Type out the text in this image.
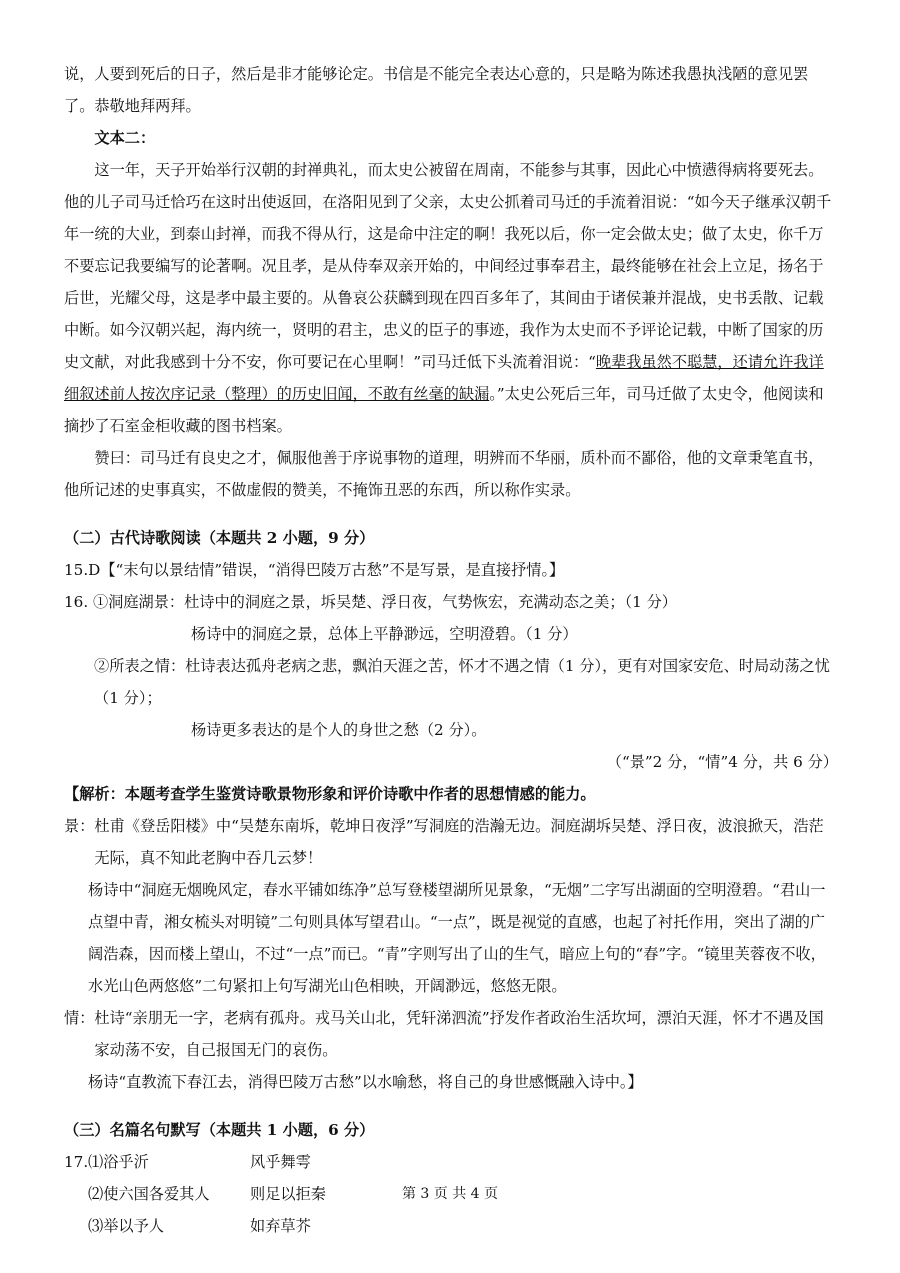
说，人要到死后的日子，然后是非才能够论定。书信是不能完全表达心意的，只是略为陈述我愚执浅陋的意见罢了。恭敬地拜两拜。

文本二：

这一年，天子开始举行汉朝的封禅典礼，而太史公被留在周南，不能参与其事，因此心中愤懑得病将要死去。他的儿子司马迁恰巧在这时出使返回，在洛阳见到了父亲，太史公抓着司马迁的手流着泪说：“如今天子继承汉朝千年一统的大业，到泰山封禅，而我不得从行，这是命中注定的啊！我死以后，你一定会做太史；做了太史，你千万不要忘记我要编写的论著啊。况且孝，是从侍奉双亲开始的，中间经过事奉君主，最终能够在社会上立足，扬名于后世，光耀父母，这是孝中最主要的。从鲁哀公获麟到现在四百多年了，其间由于诸侯兼并混战，史书丢散、记载中断。如今汉朝兴起，海内统一，贤明的君主，忠义的臣子的事迹，我作为太史而不予评论记载，中断了国家的历史文献，对此我感到十分不安，你可要记在心里啊！”司马迁低下头流着泪说：“晚辈我虽然不聪慧，还请允许我详细叙述前人按次序记录（整理）的历史旧闻，不敢有丝毫的缺漏。”太史公死后三年，司马迁做了太史令，他阅读和摘抄了石室金柜收藏的图书档案。

赞曰：司马迁有良史之才，佩服他善于序说事物的道理，明辨而不华丽，质朴而不鄙俗，他的文章秉笔直书，他所记述的史事真实，不做虚假的赞美，不掩饰丑恶的东西，所以称作实录。

（二）古代诗歌阅读（本题共 2 小题，9 分）

15.D【“末句以景结情”错误，“消得巴陵万古愁”不是写景，是直接抒情。】

16. ①洞庭湖景：杜诗中的洞庭之景，坼吴楚、浮日夜，气势恢宏，充满动态之美；（1 分）

杨诗中的洞庭之景，总体上平静渺远，空明澄碧。（1 分）

②所表之情：杜诗表达孤舟老病之悲，飘泊天涯之苦，怀才不遇之情（1 分），更有对国家安危、时局动荡之忧（1 分）；

杨诗更多表达的是个人的身世之愁（2 分）。

（“景”2 分，“情”4 分，共 6 分）

【解析：本题考查学生鉴赏诗歌景物形象和评价诗歌中作者的思想情感的能力。

景：杜甫《登岳阳楼》中“吴楚东南坼，乾坤日夜浮”写洞庭的浩瀚无边。洞庭湖坼吴楚、浮日夜，波浪掀天，浩茫无际，真不知此老胸中吞几云梦！

杨诗中“洞庭无烟晚风定，春水平铺如练净”总写登楼望湖所见景象，“无烟”二字写出湖面的空明澄碧。“君山一点望中青，湘女梳头对明镜”二句则具体写望君山。“一点”，既是视觉的直感，也起了衬托作用，突出了湖的广阔浩森，因而楼上望山，不过“一点”而已。“青”字则写出了山的生气，暗应上句的“春”字。“镜里芙蓉夜不收，水光山色两悠悠”二句紧扣上句写湖光山色相映，开阔渺远，悠悠无限。

情：杜诗“亲朋无一字，老病有孤舟。戎马关山北，凭轩涕泗流”抒发作者政治生活坎坷，漂泊天涯，怀才不遇及国家动荡不安，自己报国无门的哀伤。

杨诗“直教流下春江去，消得巴陵万古愁”以水喻愁，将自己的身世感慨融入诗中。】

（三）名篇名句默写（本题共 1 小题，6 分）

17.⑴浴乎沂	风乎舞雩

⑵使六国各爱其人	则足以拒秦

⑶举以予人	如弃草芥

第 3 页 共 4 页
